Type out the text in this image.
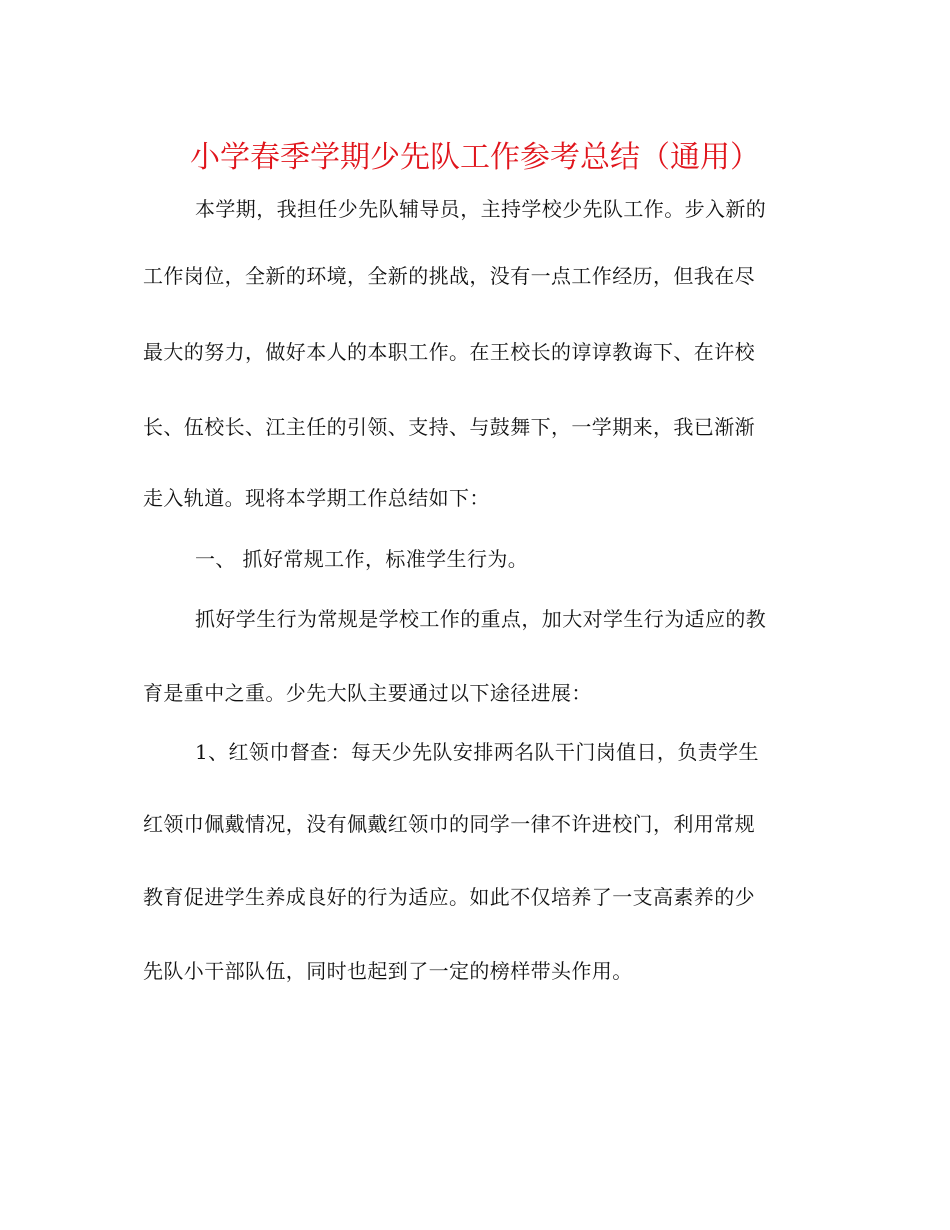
小学春季学期少先队工作参考总结（通用）
本学期，我担任少先队辅导员，主持学校少先队工作。步入新的
工作岗位，全新的环境，全新的挑战，没有一点工作经历，但我在尽
最大的努力，做好本人的本职工作。在王校长的谆谆教诲下、在许校
长、伍校长、江主任的引领、支持、与鼓舞下，一学期来，我已渐渐
走入轨道。现将本学期工作总结如下：
一、 抓好常规工作，标准学生行为。
抓好学生行为常规是学校工作的重点，加大对学生行为适应的教
育是重中之重。少先大队主要通过以下途径进展：
1、红领巾督查：每天少先队安排两名队干门岗值日，负责学生
红领巾佩戴情况，没有佩戴红领巾的同学一律不许进校门，利用常规
教育促进学生养成良好的行为适应。如此不仅培养了一支高素养的少
先队小干部队伍，同时也起到了一定的榜样带头作用。
